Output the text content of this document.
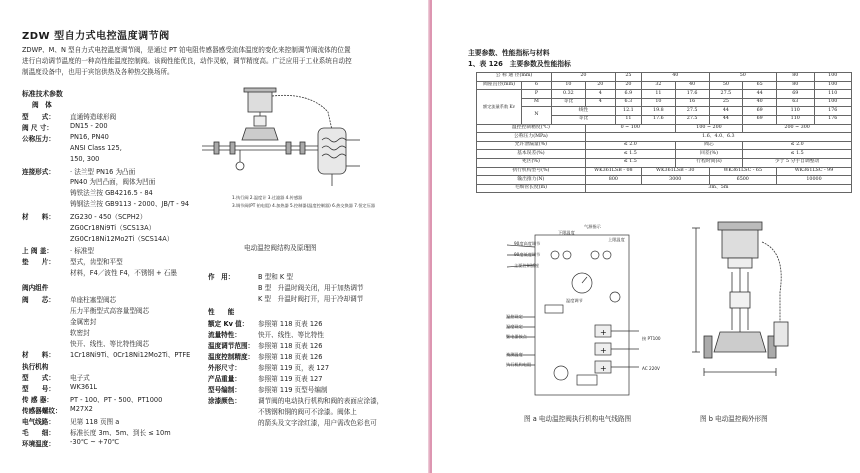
ZDW 型自力式电控温度调节阀
ZDWP、M、N 型自力式电控温度调节阀，是通过 PT 铂电阻传感器感受流体温度的变化来控制调节阀流体的位置
进行自动调节温度的一种高性能温度控制阀。该阀性能优良，动作灵敏，调节精度高。广泛应用于工业系统自动控
制温度设备中，也用于宾馆供热及各种热交换场所。
标准技术参数
阀　体
型　　式： 直通铸造球形阀
阀 尺 寸：	DN15 - 200
公称压力： PN16, PN40
ANSI Class 125,
150, 300
连接形式： · 法兰型 PN16 为凸面
PN40 为凹凸面，阀体为凹面
铸铁法兰按 GB4216.5 - 84
铸钢法兰按 GB9113 - 2000、JB/T - 94
材　　料： ZG230 - 450（SCPH2）
ZG0Cr18Ni9Ti（SCS13A）
ZG0Cr18Ni12Mo2Ti（SCS14A）
上 阀 盖：	· 标准型
垫　　片： 型式，齿型和平型
材料，F4／波性 F4，不锈钢 + 石墨
阀内组件
阀　　芯： 单座柱塞型阀芯
压力平衡型式高容量型阀芯
金属密封
软密封
快开、线性、等比特性阀芯
材　　料： 1Cr18Ni9Ti、0Cr18Ni12Mo2Ti、PTFE
执行机构
型　　式： 电子式
型　　号： WK361L
传 感 器：	PT - 100、PT - 500、PT1000
传感器螺纹： M27X2
电气线路： 见第 118 页图 a
毛　　细： 标准长度 3m、5m、到长 ≤ 10m
环境温度： -30℃ ~ +70℃
1.执行阀 2.温度计 3.过滤器 4.传感器
3.调节阀(PT 铂电阻) 4.加热器 5.控制器(温度控制器) 6.热交换器 7.恒定压器
电动温控阀结构及原理图
作　用：	B 型和 K 型
B 型　升温时阀关闭，用于加热调节
K 型　升温时阀打开，用于冷却调节
性　　能
额定 Kv 值： 参照第 118 页表 126
流量特性：	快开、线性、等比特性
温度调节范围： 参照第 118 页表 126
温度控制精度： 参照第 118 页表 126
外形尺寸：	参照第 119 页，表 127
产品重量：	参照第 119 页表 127
型号编制：	参照第 119 页型号编制
涂漆颜色：	调节阀的电动执行机构和阀的表面应涂漆，
不锈钢和铜的阀可不涂漆。阀体上
的箭头及文字涂红漆，用户需改色彩也可
主要参数、性能指标与材料
1、表 126　主要参数及性能指标
公 称 通 径(mm)		20		25	40		50		80	100
阀座直径(mm)	6	10	20	20	32	40	50	65	80	100
额定流量系数 Kv	P	0.32	4	6.9	11	17.6	27.5	44	69	110
	M	等比	4	6.3	10	16	25	40	63	100
	N	线性		12.1	19.8	27.5	44	69	110	176
		等比		11	17.6	27.5	44	69	110	176
温控控制精度(℃)			0 ~ 100			100 ~ 200		200 ~ 300		
公称压力(MPa)			1.6、4.0、6.3							
允许泄漏量(%)			≤ 2.0			阀芯		≤ 2.0		
基本误差(%)			≤ 1.5			回差(%)		≤ 1.5		
死区(%)			≤ 1.5			行程时间(s)		少于 5 分手自调整动		
执行机构型号(%)			WK361LSB - 08		WK361LSB - 30		WK361LSC - 65		WK361LSC - 99	
输出推力(N)			800		3000		6500		10000	
毛细管长度(m)			3m、5m							
+
+
+
下限温度
上限温度
气源指示
90度高度调节
90度低度调节
主要控制插座
温度调节
温控设定
温度设定
继电器接点
被测温度
执行机构电阻
接 PT100
AC 220V
图 a 电动温控阀执行机构电气线路图	图 b 电动温控阀外形图
